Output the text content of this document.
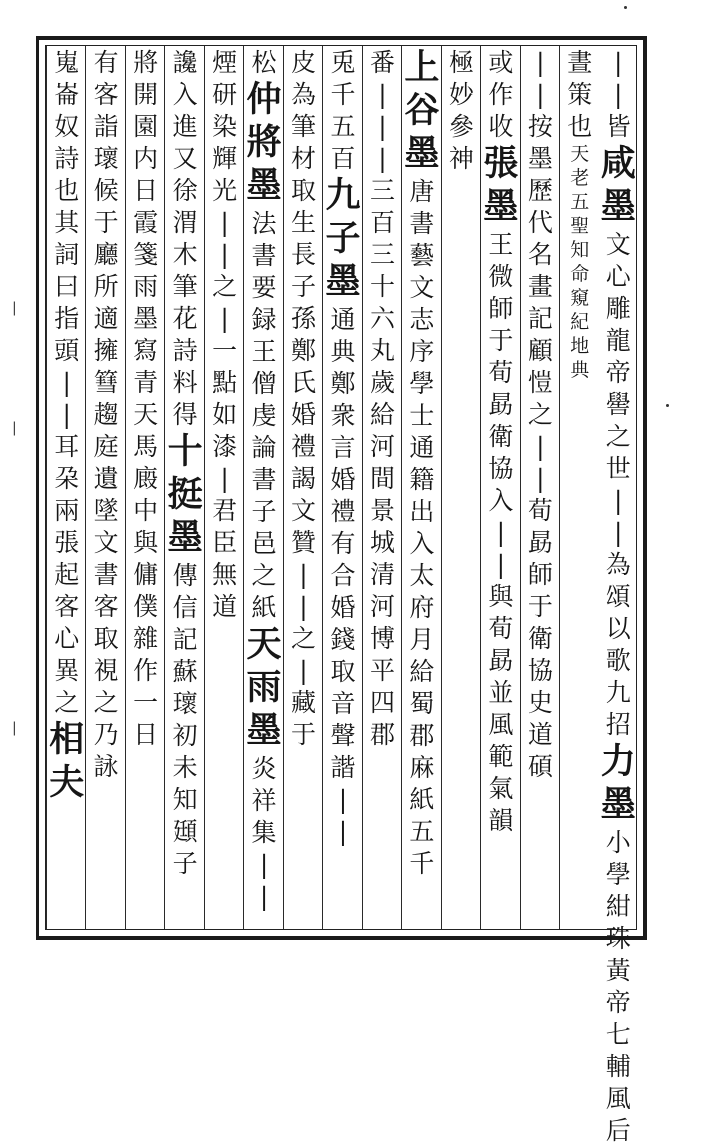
|
|
皆
咸
墨
文
心
雕
龍
帝
嚳
之
世
|
|
為
頌
以
歌
九
招
力
墨
小
學
紺
珠
黃
帝
七
輔
風
后
晝
策
也
天
老
五
聖
知
命
窺
紀
地
典
|
|
按
墨
歷
代
名
畫
記
顧
愷
之
|
|
荀
勗
師
于
衛
協
史
道
碩
或
作
收
張
墨
王
微
師
于
荀
勗
衛
協
入
|
|
與
荀
勗
並
風
範
氣
韻
極
妙
參
神
上
谷
墨
唐
書
藝
文
志
序
學
士
通
籍
出
入
太
府
月
給
蜀
郡
麻
紙
五
千
番
|
|
|
三
百
三
十
六
丸
歲
給
河
間
景
城
清
河
博
平
四
郡
兎
千
五
百
九
子
墨
通
典
鄭
衆
言
婚
禮
有
合
婚
錢
取
音
聲
諧
|
|
皮
為
筆
材
取
生
長
子
孫
鄭
氏
婚
禮
謁
文
贊
|
|
之
|
藏
于
松
仲
將
墨
法
書
要
録
王
僧
虔
論
書
子
邑
之
紙
天
雨
墨
炎
祥
集
|
|
煙
研
染
輝
光
|
|
之
|
一
點
如
漆
|
君
臣
無
道
讒
入
進
又
徐
渭
木
筆
花
詩
料
得
十
挺
墨
傳
信
記
蘇
瓌
初
未
知
頲
子
將
開
園
内
日
霞
箋
雨
墨
寫
青
天
馬
廄
中
與
傭
僕
雜
作
一
日
有
客
詣
瓌
候
于
廳
所
適
擁
篲
趨
庭
遺
墜
文
書
客
取
視
之
乃
詠
嵬
崙
奴
詩
也
其
詞
曰
指
頭
|
|
耳
朶
兩
張
起
客
心
異
之
相
夫
|
|
|
